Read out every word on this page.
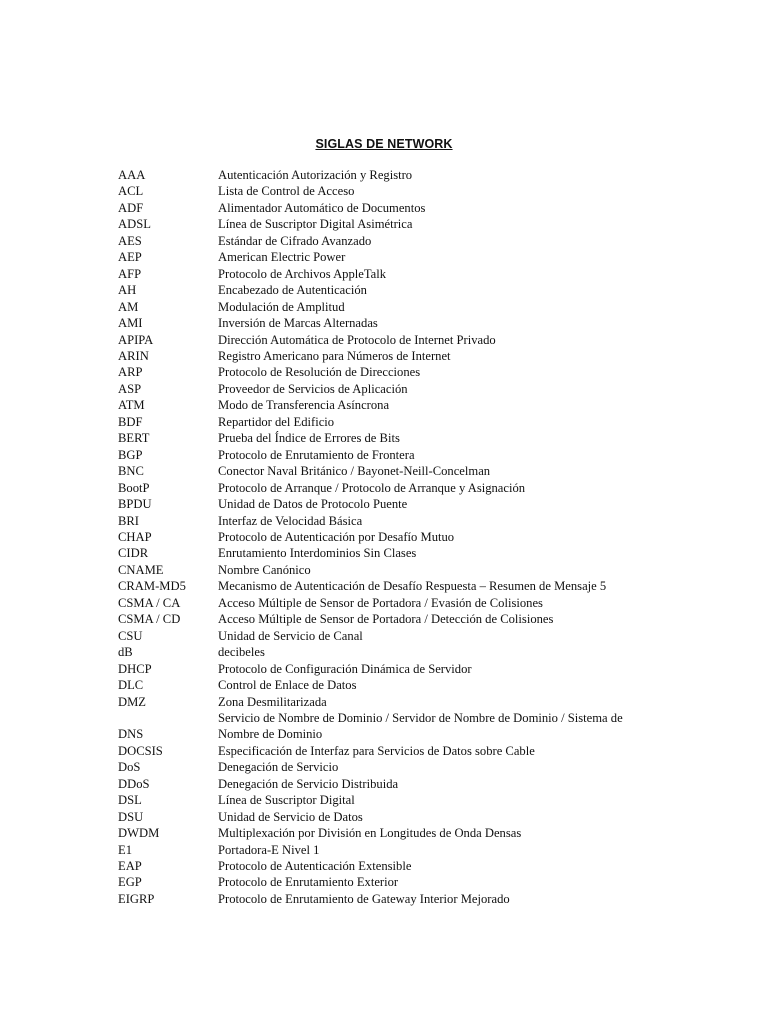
SIGLAS DE NETWORK
AAA	Autenticación Autorización y Registro
ACL	Lista de Control de Acceso
ADF	Alimentador Automático de Documentos
ADSL	Línea de Suscriptor Digital Asimétrica
AES	Estándar de Cifrado Avanzado
AEP	American Electric Power
AFP	Protocolo de Archivos AppleTalk
AH	Encabezado de Autenticación
AM	Modulación de Amplitud
AMI	Inversión de Marcas Alternadas
APIPA	Dirección Automática de Protocolo de Internet Privado
ARIN	Registro Americano para Números de Internet
ARP	Protocolo de Resolución de Direcciones
ASP	Proveedor de Servicios de Aplicación
ATM	Modo de Transferencia Asíncrona
BDF	Repartidor del Edificio
BERT	Prueba del Índice de Errores de Bits
BGP	Protocolo de Enrutamiento de Frontera
BNC	Conector Naval Británico / Bayonet-Neill-Concelman
BootP	Protocolo de Arranque / Protocolo de Arranque y Asignación
BPDU	Unidad de Datos de Protocolo Puente
BRI	Interfaz de Velocidad Básica
CHAP	Protocolo de Autenticación por Desafío Mutuo
CIDR	Enrutamiento Interdominios Sin Clases
CNAME	Nombre Canónico
CRAM-MD5	Mecanismo de Autenticación de Desafío Respuesta – Resumen de Mensaje 5
CSMA / CA	Acceso Múltiple de Sensor de Portadora / Evasión de Colisiones
CSMA / CD	Acceso Múltiple de Sensor de Portadora / Detección de Colisiones
CSU	Unidad de Servicio de Canal
dB	decibeles
DHCP	Protocolo de Configuración Dinámica de Servidor
DLC	Control de Enlace de Datos
DMZ	Zona Desmilitarizada
DNS	Servicio de Nombre de Dominio / Servidor de Nombre de Dominio / Sistema de Nombre de Dominio
DOCSIS	Especificación de Interfaz para Servicios de Datos sobre Cable
DoS	Denegación de Servicio
DDoS	Denegación de Servicio Distribuida
DSL	Línea de Suscriptor Digital
DSU	Unidad de Servicio de Datos
DWDM	Multiplexación por División en Longitudes de Onda Densas
E1	Portadora-E Nivel 1
EAP	Protocolo de Autenticación Extensible
EGP	Protocolo de Enrutamiento Exterior
EIGRP	Protocolo de Enrutamiento de Gateway Interior Mejorado
